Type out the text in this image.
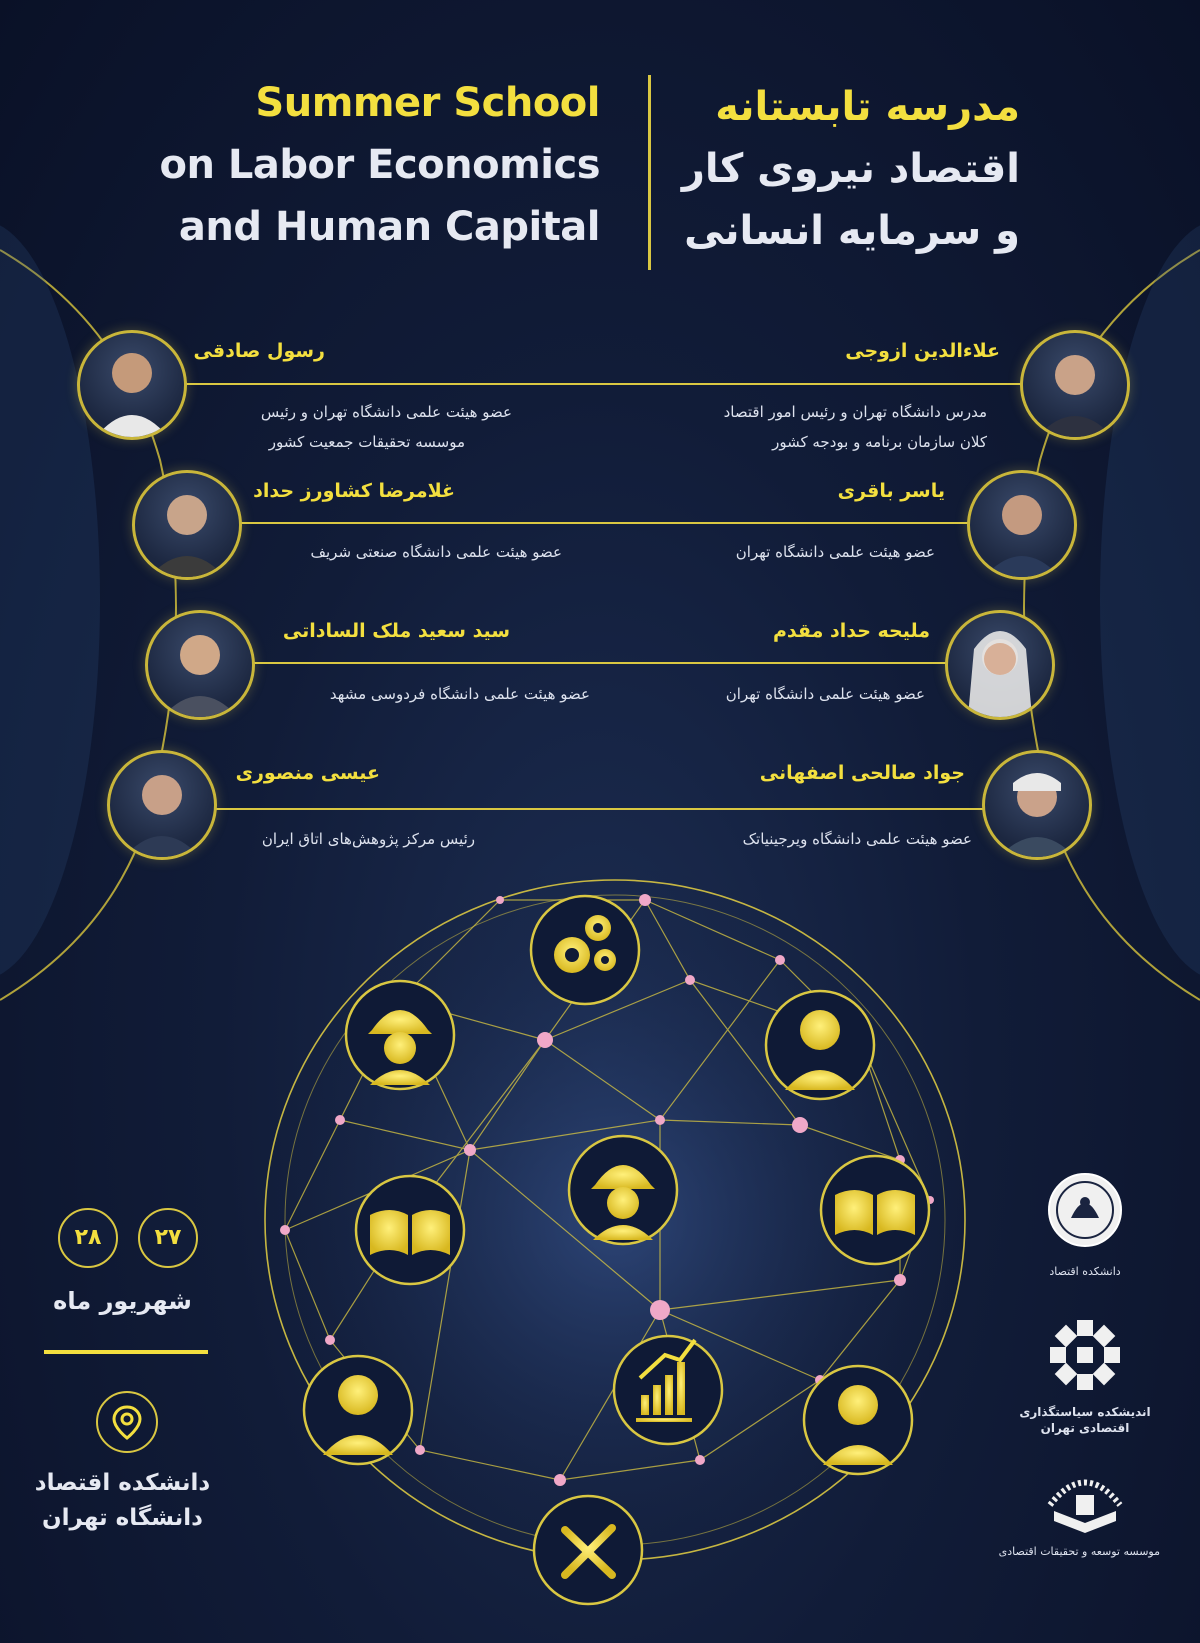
Summer School
on Labor Economics
and Human Capital
مدرسه تابستانه
اقتصاد نیروی کار
و سرمایه انسانی
رسول صادقی
عضو هیئت علمی دانشگاه تهران و رئیس
موسسه تحقیقات جمعیت کشور
علاءالدین ازوجی
مدرس دانشگاه تهران و رئیس امور اقتصاد
کلان سازمان برنامه و بودجه کشور
غلامرضا کشاورز حداد
عضو هیئت علمی دانشگاه صنعتی شریف
یاسر باقری
عضو هیئت علمی دانشگاه تهران
سید سعید ملک الساداتی
عضو هیئت علمی دانشگاه فردوسی مشهد
ملیحه حداد مقدم
عضو هیئت علمی دانشگاه تهران
عیسی منصوری
رئیس مرکز پژوهش‌های اتاق ایران
جواد صالحی اصفهانی
عضو هیئت علمی دانشگاه ویرجینیاتک
۲۷
۲۸
شهریور ماه
دانشکده اقتصاد
دانشگاه تهران
دانشکده اقتصاد
اندیشکده سیاستگذاری
اقتصادی تهران
موسسه توسعه و تحقیقات اقتصادی
